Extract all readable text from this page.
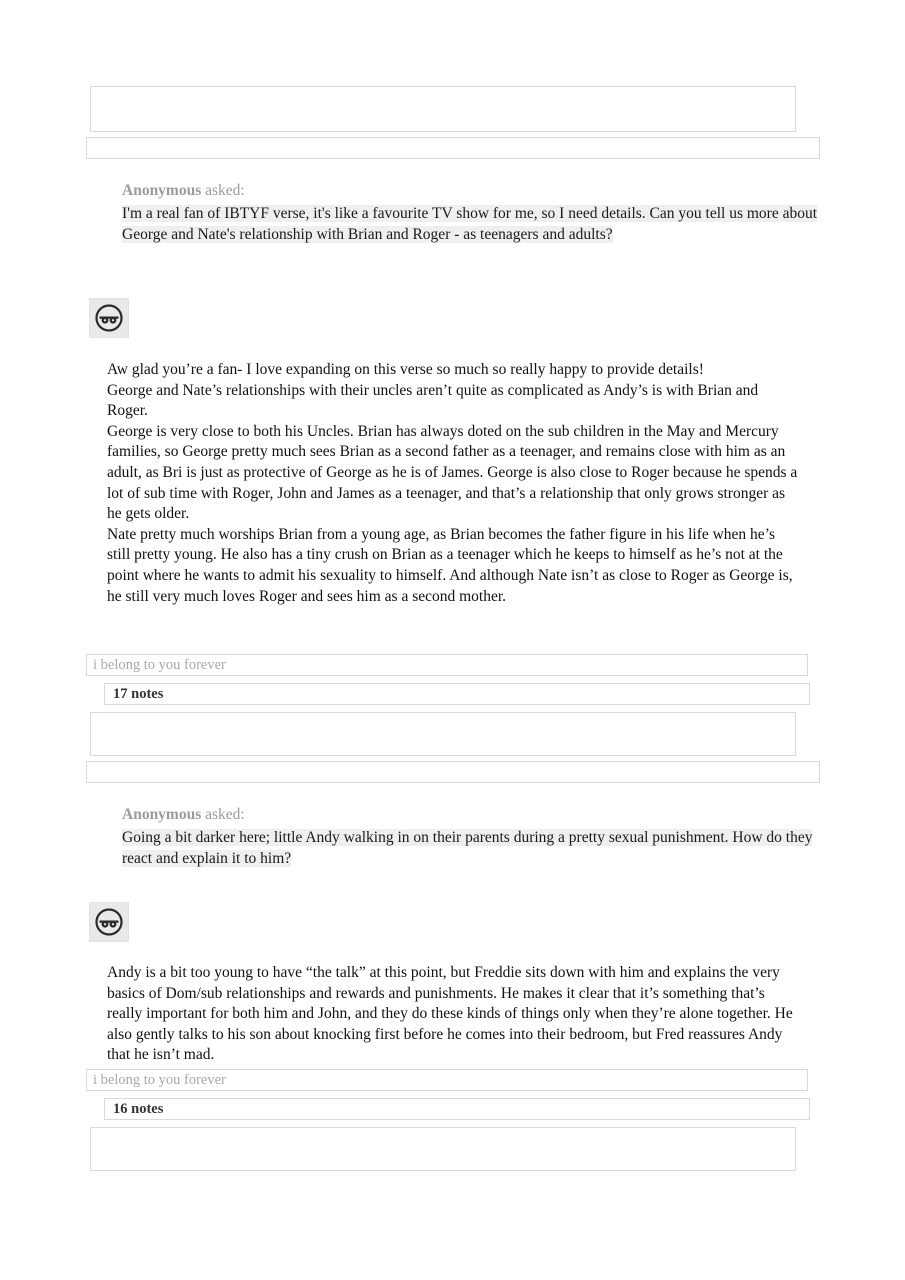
Anonymous asked:
I'm a real fan of IBTYF verse, it's like a favourite TV show for me, so I need details. Can you tell us more about George and Nate's relationship with Brian and Roger - as teenagers and adults?

Aw glad you’re a fan- I love expanding on this verse so much so really happy to provide details!

George and Nate’s relationships with their uncles aren’t quite as complicated as Andy’s is with Brian and Roger.

George is very close to both his Uncles. Brian has always doted on the sub children in the May and Mercury families, so George pretty much sees Brian as a second father as a teenager, and remains close with him as an adult, as Bri is just as protective of George as he is of James. George is also close to Roger because he spends a lot of sub time with Roger, John and James as a teenager, and that’s a relationship that only grows stronger as he gets older.

Nate pretty much worships Brian from a young age, as Brian becomes the father figure in his life when he’s still pretty young. He also has a tiny crush on Brian as a teenager which he keeps to himself as he’s not at the point where he wants to admit his sexuality to himself. And although Nate isn’t as close to Roger as George is, he still very much loves Roger and sees him as a second mother.

i belong to you forever
17 notes
Anonymous asked:
Going a bit darker here; little Andy walking in on their parents during a pretty sexual punishment. How do they react and explain it to him?

Andy is a bit too young to have “the talk” at this point, but Freddie sits down with him and explains the very basics of Dom/sub relationships and rewards and punishments. He makes it clear that it’s something that’s really important for both him and John, and they do these kinds of things only when they’re alone together. He also gently talks to his son about knocking first before he comes into their bedroom, but Fred reassures Andy that he isn’t mad.

i belong to you forever
16 notes
